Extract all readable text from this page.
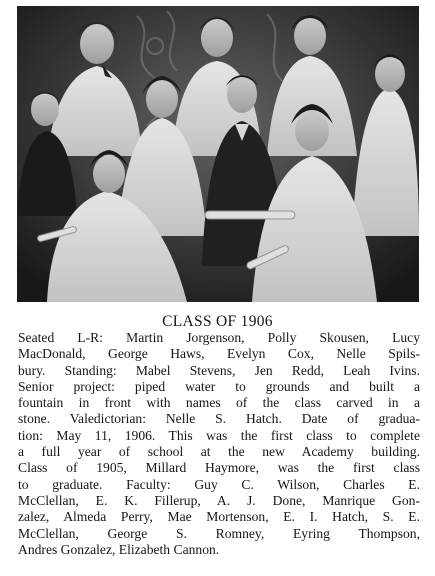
CLASS OF 1906
Seated L-R: Martin Jorgenson, Polly Skousen, Lucy
MacDonald, George Haws, Evelyn Cox, Nelle Spils-
bury. Standing: Mabel Stevens, Jen Redd, Leah Ivins.
Senior project: piped water to grounds and built a
fountain in front with names of the class carved in a
stone. Valedictorian: Nelle S. Hatch. Date of gradua-
tion: May 11, 1906. This was the first class to complete
a full year of school at the new Academy building.
Class of 1905, Millard Haymore, was the first class
to graduate. Faculty: Guy C. Wilson, Charles E.
McClellan, E. K. Fillerup, A. J. Done, Manrique Gon-
zalez, Almeda Perry, Mae Mortenson, E. I. Hatch, S. E.
McClellan, George S. Romney, Eyring Thompson,
Andres Gonzalez, Elizabeth Cannon.
